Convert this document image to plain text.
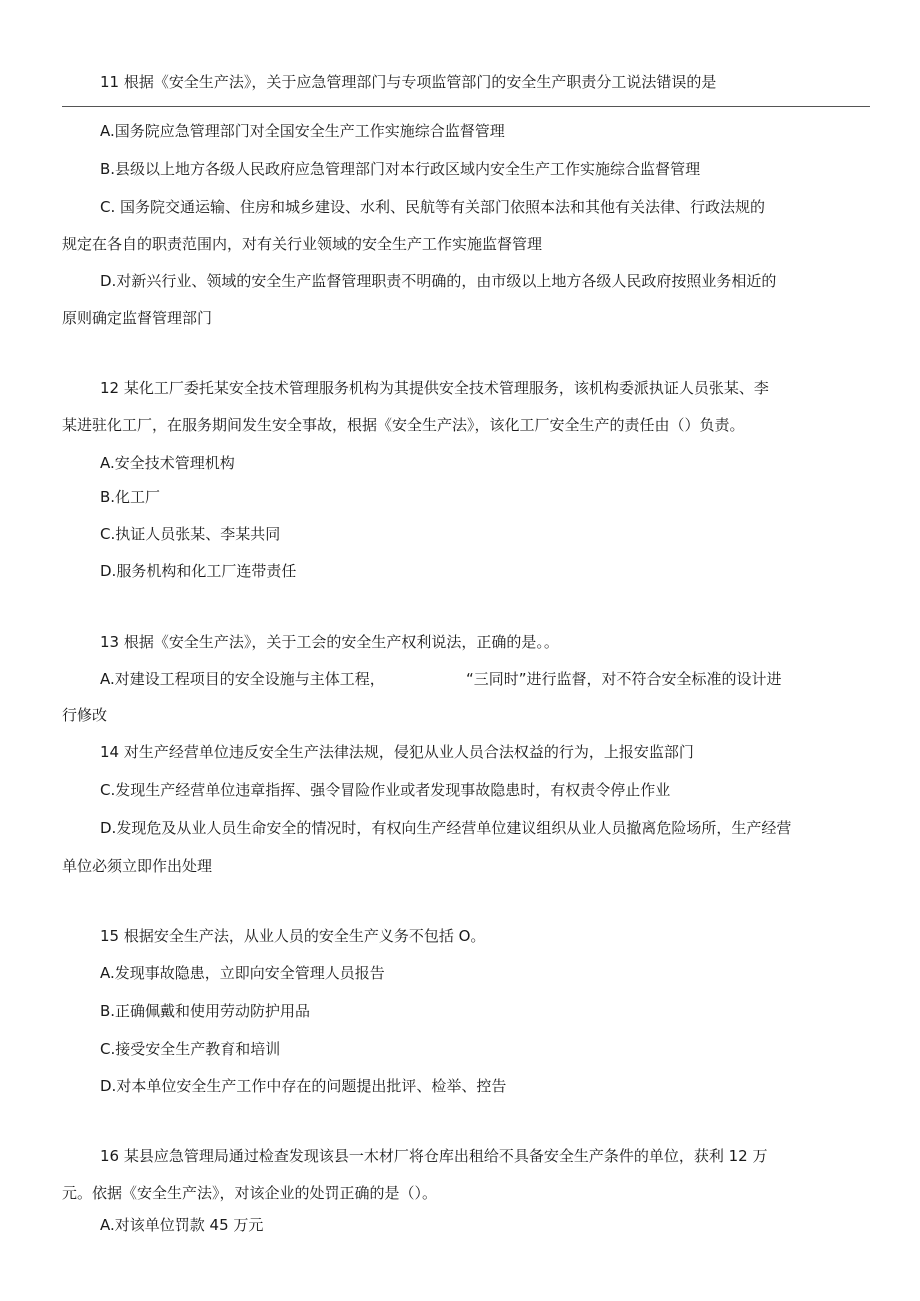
11 根据《安全生产法》，关于应急管理部门与专项监管部门的安全生产职责分工说法错误的是
A.国务院应急管理部门对全国安全生产工作实施综合监督管理
B.县级以上地方各级人民政府应急管理部门对本行政区域内安全生产工作实施综合监督管理
C. 国务院交通运输、住房和城乡建设、水利、民航等有关部门依照本法和其他有关法律、行政法规的
规定在各自的职责范围内，对有关行业领域的安全生产工作实施监督管理
D.对新兴行业、领域的安全生产监督管理职责不明确的，由市级以上地方各级人民政府按照业务相近的
原则确定监督管理部门
12 某化工厂委托某安全技术管理服务机构为其提供安全技术管理服务，该机构委派执证人员张某、李
某进驻化工厂，在服务期间发生安全事故，根据《安全生产法》，该化工厂安全生产的责任由（）负责。
A.安全技术管理机构
B.化工厂
C.执证人员张某、李某共同
D.服务机构和化工厂连带责任
13 根据《安全生产法》，关于工会的安全生产权利说法，正确的是。。
A.对建设工程项目的安全设施与主体工程，	“三同时”进行监督，对不符合安全标准的设计进
行修改
14 对生产经营单位违反安全生产法律法规，侵犯从业人员合法权益的行为，上报安监部门
C.发现生产经营单位违章指挥、强令冒险作业或者发现事故隐患时，有权责令停止作业
D.发现危及从业人员生命安全的情况时，有权向生产经营单位建议组织从业人员撤离危险场所，生产经营
单位必须立即作出处理
15 根据安全生产法，从业人员的安全生产义务不包括 O。
A.发现事故隐患，立即向安全管理人员报告
B.正确佩戴和使用劳动防护用品
C.接受安全生产教育和培训
D.对本单位安全生产工作中存在的问题提出批评、检举、控告
16 某县应急管理局通过检查发现该县一木材厂将仓库出租给不具备安全生产条件的单位，获利 12 万
元。依据《安全生产法》，对该企业的处罚正确的是（）。
A.对该单位罚款 45 万元
